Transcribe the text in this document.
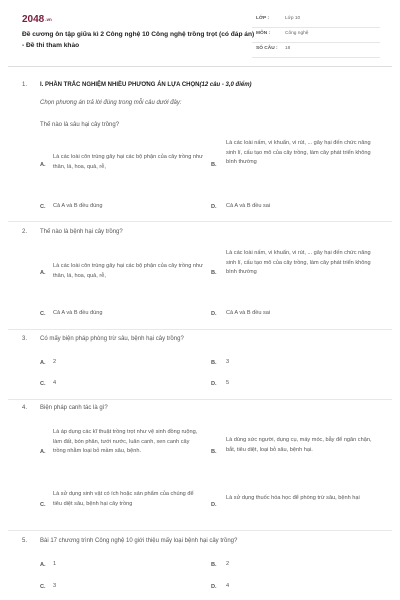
2048.vn
Đề cương ôn tập giữa kì 2 Công nghệ 10 Công nghệ trồng trọt (có đáp án) - Đề thi tham khảo
LỚP :	Lớp 10
MÔN :	Công nghệ
SỐ CÂU : 18
1. I. PHẦN TRẮC NGHIỆM NHIỀU PHƯƠNG ÁN LỰA CHỌN(12 câu - 3,0 điểm)
Chọn phương án trả lời đúng trong mỗi câu dưới đây:
Thế nào là sâu hại cây trồng?
A.
Là các loài côn trùng gây hại các bộ phận của cây trồng như thân, lá, hoa, quả, rễ,	B.
Là các loài nấm, vi khuẩn, vi rút, ... gây hại đến chức năng sinh lí, cấu tạo mô của cây trồng, làm cây phát triển không bình thường
C. Cả A và B đều đúng	D. Cả A và B đều sai
2. Thế nào là bệnh hại cây trồng?
A.
Là các loài côn trùng gây hại các bộ phận của cây trồng như thân, lá, hoa, quả, rễ,	B.
Là các loài nấm, vi khuẩn, vi rút, ... gây hại đến chức năng sinh lí, cấu tạo mô của cây trồng, làm cây phát triển không bình thường
C. Cả A và B đều đúng	D. Cả A và B đều sai
3. Có mấy biện pháp phòng trừ sâu, bệnh hại cây trồng?
A. 2	B. 3
C. 4	D. 5
4. Biện pháp canh tác là gì?
A.
Là áp dụng các kĩ thuật trồng trọt như vệ sinh đồng ruộng, làm đất, bón phân, tưới nước, luân canh, xen canh cây trồng nhằm loại bỏ mầm sâu, bệnh.	B.
Là dùng sức người, dụng cụ, máy móc, bẫy để ngăn chặn, bắt, tiêu diệt, loại bỏ sâu, bệnh hại.
C.
Là sử dụng sinh vật có ích hoặc sản phẩm của chúng để tiêu diệt sâu, bệnh hại cây trồng	D.
Là sử dụng thuốc hóa học để phòng trừ sâu, bệnh hại
5. Bài 17 chương trình Công nghệ 10 giới thiệu mấy loại bệnh hại cây trồng?
A. 1	B. 2
C. 3	D. 4
